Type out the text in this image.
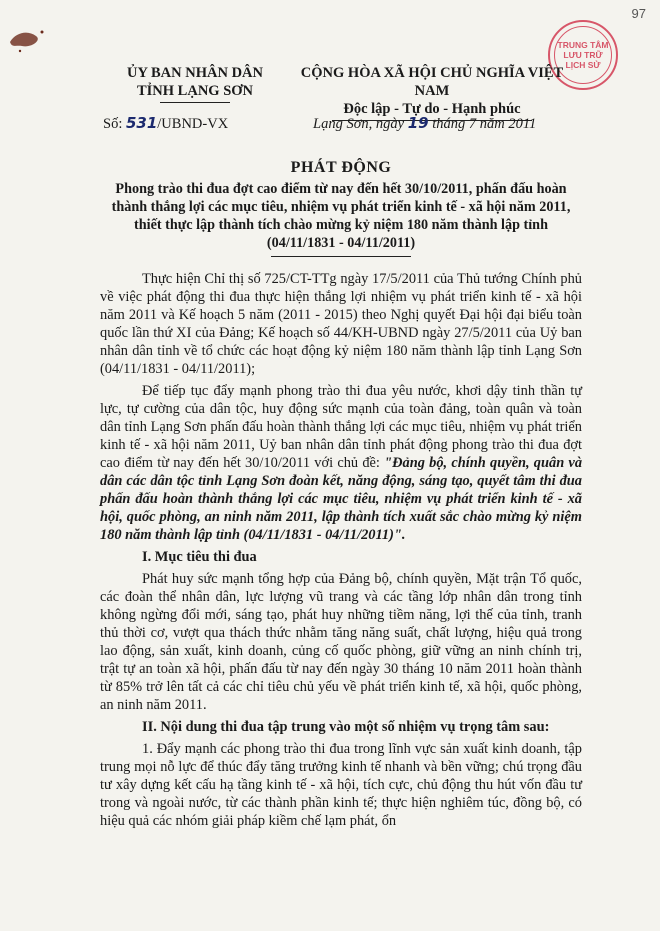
97
TRUNG TÂM
LƯU TRỮ
LỊCH SỬ
ỦY BAN NHÂN DÂN
TỈNH LẠNG SƠN
CỘNG HÒA XÃ HỘI CHỦ NGHĨA VIỆT NAM
Độc lập - Tự do - Hạnh phúc
Số: 531/UBND-VX	Lạng Sơn, ngày 19 tháng 7 năm 2011
PHÁT ĐỘNG
Phong trào thi đua đợt cao điểm từ nay đến hết 30/10/2011, phấn đấu hoàn thành thắng lợi các mục tiêu, nhiệm vụ phát triển kinh tế - xã hội năm 2011, thiết thực lập thành tích chào mừng kỷ niệm 180 năm thành lập tỉnh (04/11/1831 - 04/11/2011)

Thực hiện Chỉ thị số 725/CT-TTg ngày 17/5/2011 của Thủ tướng Chính phủ về việc phát động thi đua thực hiện thắng lợi nhiệm vụ phát triển kinh tế - xã hội năm 2011 và Kế hoạch 5 năm (2011 - 2015) theo Nghị quyết Đại hội đại biểu toàn quốc lần thứ XI của Đảng; Kế hoạch số 44/KH-UBND ngày 27/5/2011 của Uỷ ban nhân dân tỉnh về tổ chức các hoạt động kỷ niệm 180 năm thành lập tỉnh Lạng Sơn (04/11/1831 - 04/11/2011);

Để tiếp tục đẩy mạnh phong trào thi đua yêu nước, khơi dậy tinh thần tự lực, tự cường của dân tộc, huy động sức mạnh của toàn đảng, toàn quân và toàn dân tỉnh Lạng Sơn phấn đấu hoàn thành thắng lợi các mục tiêu, nhiệm vụ phát triển kinh tế - xã hội năm 2011, Uỷ ban nhân dân tỉnh phát động phong trào thi đua đợt cao điểm từ nay đến hết 30/10/2011 với chủ đề: "Đảng bộ, chính quyền, quân và dân các dân tộc tỉnh Lạng Sơn đoàn kết, năng động, sáng tạo, quyết tâm thi đua phấn đấu hoàn thành thắng lợi các mục tiêu, nhiệm vụ phát triển kinh tế - xã hội, quốc phòng, an ninh năm 2011, lập thành tích xuất sắc chào mừng kỷ niệm 180 năm thành lập tỉnh (04/11/1831 - 04/11/2011)".

I. Mục tiêu thi đua

Phát huy sức mạnh tổng hợp của Đảng bộ, chính quyền, Mặt trận Tổ quốc, các đoàn thể nhân dân, lực lượng vũ trang và các tầng lớp nhân dân trong tỉnh không ngừng đổi mới, sáng tạo, phát huy những tiềm năng, lợi thế của tỉnh, tranh thủ thời cơ, vượt qua thách thức nhằm tăng năng suất, chất lượng, hiệu quả trong lao động, sản xuất, kinh doanh, củng cố quốc phòng, giữ vững an ninh chính trị, trật tự an toàn xã hội, phấn đấu từ nay đến ngày 30 tháng 10 năm 2011 hoàn thành từ 85% trở lên tất cả các chỉ tiêu chủ yếu về phát triển kinh tế, xã hội, quốc phòng, an ninh năm 2011.

II. Nội dung thi đua tập trung vào một số nhiệm vụ trọng tâm sau:

1. Đẩy mạnh các phong trào thi đua trong lĩnh vực sản xuất kinh doanh, tập trung mọi nỗ lực để thúc đẩy tăng trưởng kinh tế nhanh và bền vững; chú trọng đầu tư xây dựng kết cấu hạ tầng kinh tế - xã hội, tích cực, chủ động thu hút vốn đầu tư trong và ngoài nước, từ các thành phần kinh tế; thực hiện nghiêm túc, đồng bộ, có hiệu quả các nhóm giải pháp kiềm chế lạm phát, ổn
